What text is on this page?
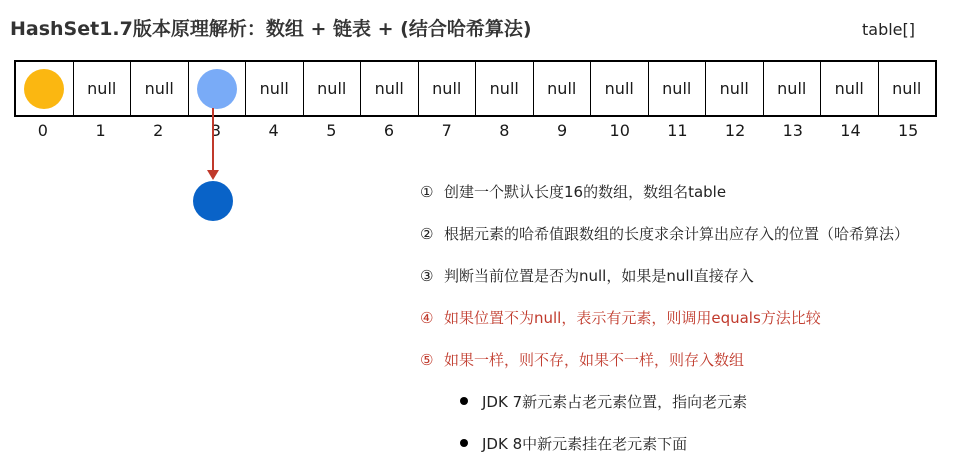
HashSet1.7版本原理解析：数组 + 链表 + (结合哈希算法)	table[]
null null	null null null null null null null null null null null null
0	1	2	3	4	5	6	7	8	9	10	11	12	13	14	15
① 创建一个默认长度16的数组，数组名table
② 根据元素的哈希值跟数组的长度求余计算出应存入的位置（哈希算法）
③ 判断当前位置是否为null，如果是null直接存入
④ 如果位置不为null，表示有元素，则调用equals方法比较
⑤ 如果一样，则不存，如果不一样，则存入数组
JDK 7新元素占老元素位置，指向老元素
JDK 8中新元素挂在老元素下面
